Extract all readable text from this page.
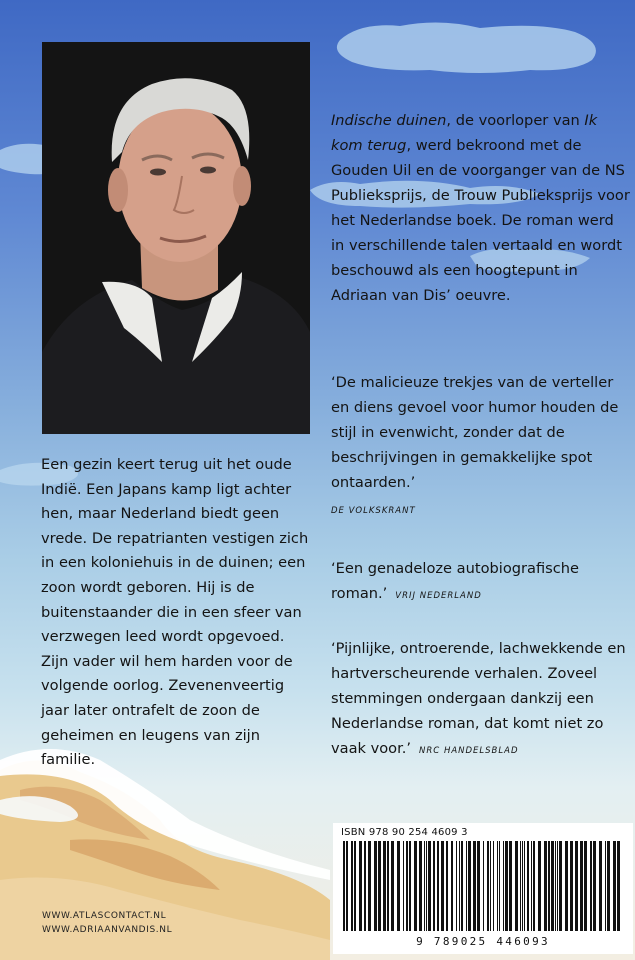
Indische duinen, de voorloper van Ik kom terug, werd bekroond met de Gouden Uil en de voorganger van de NS Publieksprijs, de Trouw Publieksprijs voor het Nederlandse boek. De roman werd in verschillende talen vertaald en wordt beschouwd als een hoogtepunt in Adriaan van Dis’ oeuvre.

‘De malicieuze trekjes van de verteller en diens gevoel voor humor houden de stijl in evenwicht, zonder dat de beschrijvingen in gemakkelijke spot ontaarden.’
DE VOLKSKRANT

‘Een genadeloze autobiografische roman.’ VRIJ NEDERLAND

‘Pijnlijke, ontroerende, lachwekkende en hartverscheurende verhalen. Zoveel stemmingen ondergaan dankzij een Nederlandse roman, dat komt niet zo vaak voor.’ NRC HANDELSBLAD

Een gezin keert terug uit het oude Indië. Een Japans kamp ligt achter hen, maar Nederland biedt geen vrede. De repatrianten vestigen zich in een koloniehuis in de duinen; een zoon wordt geboren. Hij is de buitenstaander die in een sfeer van verzwegen leed wordt opgevoed. Zijn vader wil hem harden voor de volgende oorlog. Zevenenveertig jaar later ontrafelt de zoon de geheimen en leugens van zijn familie.

WWW.ATLASCONTACT.NL
WWW.ADRIAANVANDIS.NL
ISBN 978 90 254 4609 3
9 789025 446093
